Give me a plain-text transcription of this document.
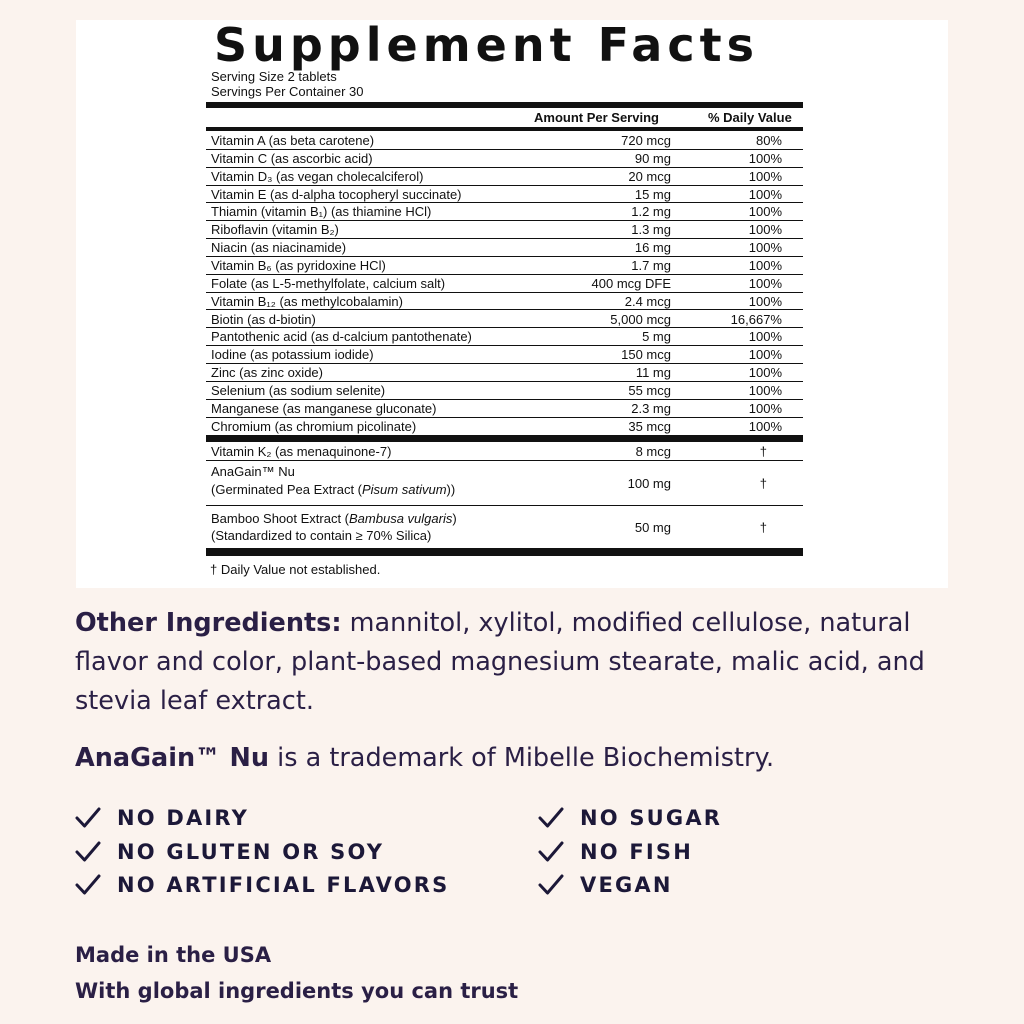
Supplement Facts
Serving Size 2 tablets
Servings Per Container 30
Amount Per Serving	% Daily Value
Vitamin A (as beta carotene)	720 mcg	80%
Vitamin C (as ascorbic acid)	90 mg	100%
Vitamin D₃ (as vegan cholecalciferol)	20 mcg	100%
Vitamin E (as d-alpha tocopheryl succinate)	15 mg	100%
Thiamin (vitamin B₁) (as thiamine HCl)	1.2 mg	100%
Riboflavin (vitamin B₂)	1.3 mg	100%
Niacin (as niacinamide)	16 mg	100%
Vitamin B₆ (as pyridoxine HCl)	1.7 mg	100%
Folate (as L-5-methylfolate, calcium salt)	400 mcg DFE	100%
Vitamin B₁₂ (as methylcobalamin)	2.4 mcg	100%
Biotin (as d-biotin)	5,000 mcg	16,667%
Pantothenic acid (as d-calcium pantothenate)	5 mg	100%
Iodine (as potassium iodide)	150 mcg	100%
Zinc (as zinc oxide)	11 mg	100%
Selenium (as sodium selenite)	55 mcg	100%
Manganese (as manganese gluconate)	2.3 mg	100%
Chromium (as chromium picolinate)	35 mcg	100%
Vitamin K₂ (as menaquinone-7)	8 mcg	†
AnaGain™ Nu
(Germinated Pea Extract (Pisum sativum))	100 mg	†
Bamboo Shoot Extract (Bambusa vulgaris)
(Standardized to contain ≥ 70% Silica)
50 mg	†
† Daily Value not established.
Other Ingredients: mannitol, xylitol, modified cellulose, natural flavor and color, plant-based magnesium stearate, malic acid, and stevia leaf extract.
AnaGain™ Nu is a trademark of Mibelle Biochemistry.
NO DAIRY
NO GLUTEN OR SOY
NO ARTIFICIAL FLAVORS
NO SUGAR
NO FISH
VEGAN
Made in the USA
With global ingredients you can trust
